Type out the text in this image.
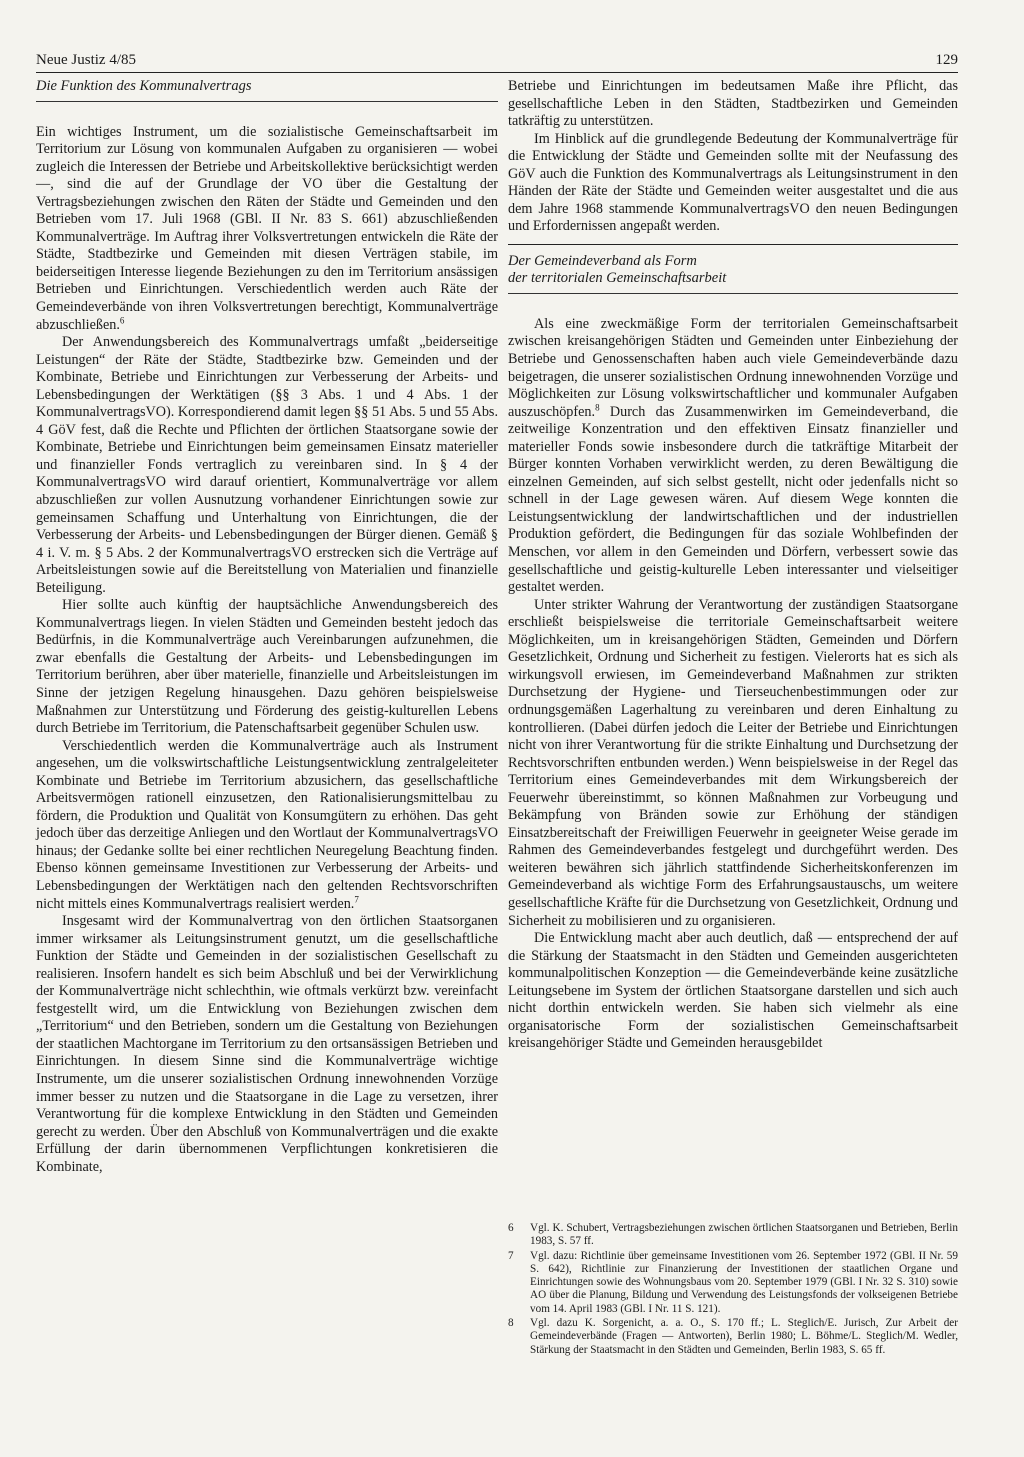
Neue Justiz 4/85	129
Die Funktion des Kommunalvertrags

Ein wichtiges Instrument, um die sozialistische Gemeinschaftsarbeit im Territorium zur Lösung von kommunalen Aufgaben zu organisieren — wobei zugleich die Interessen der Betriebe und Arbeitskollektive berücksichtigt werden —, sind die auf der Grundlage der VO über die Gestaltung der Vertragsbeziehungen zwischen den Räten der Städte und Gemeinden und den Betrieben vom 17. Juli 1968 (GBl. II Nr. 83 S. 661) abzuschließenden Kommunalverträge. Im Auftrag ihrer Volksvertretungen entwickeln die Räte der Städte, Stadtbezirke und Gemeinden mit diesen Verträgen stabile, im beiderseitigen Interesse liegende Beziehungen zu den im Territorium ansässigen Betrieben und Einrichtungen. Verschiedentlich werden auch Räte der Gemeindeverbände von ihren Volksvertretungen berechtigt, Kommunalverträge abzuschließen.$^6$

Der Anwendungsbereich des Kommunalvertrags umfaßt „beiderseitige Leistungen“ der Räte der Städte, Stadtbezirke bzw. Gemeinden und der Kombinate, Betriebe und Einrichtungen zur Verbesserung der Arbeits- und Lebensbedingungen der Werktätigen (§§ 3 Abs. 1 und 4 Abs. 1 der KommunalvertragsVO). Korrespondierend damit legen §§ 51 Abs. 5 und 55 Abs. 4 GöV fest, daß die Rechte und Pflichten der örtlichen Staatsorgane sowie der Kombinate, Betriebe und Einrichtungen beim gemeinsamen Einsatz materieller und finanzieller Fonds vertraglich zu vereinbaren sind. In § 4 der KommunalvertragsVO wird darauf orientiert, Kommunalverträge vor allem abzuschließen zur vollen Ausnutzung vorhandener Einrichtungen sowie zur gemeinsamen Schaffung und Unterhaltung von Einrichtungen, die der Verbesserung der Arbeits- und Lebensbedingungen der Bürger dienen. Gemäß § 4 i. V. m. § 5 Abs. 2 der KommunalvertragsVO erstrecken sich die Verträge auf Arbeitsleistungen sowie auf die Bereitstellung von Materialien und finanzielle Beteiligung.

Hier sollte auch künftig der hauptsächliche Anwendungsbereich des Kommunalvertrags liegen. In vielen Städten und Gemeinden besteht jedoch das Bedürfnis, in die Kommunalverträge auch Vereinbarungen aufzunehmen, die zwar ebenfalls die Gestaltung der Arbeits- und Lebensbedingungen im Territorium berühren, aber über materielle, finanzielle und Arbeitsleistungen im Sinne der jetzigen Regelung hinausgehen. Dazu gehören beispielsweise Maßnahmen zur Unterstützung und Förderung des geistig-kulturellen Lebens durch Betriebe im Territorium, die Patenschaftsarbeit gegenüber Schulen usw.

Verschiedentlich werden die Kommunalverträge auch als Instrument angesehen, um die volkswirtschaftliche Leistungsentwicklung zentralgeleiteter Kombinate und Betriebe im Territorium abzusichern, das gesellschaftliche Arbeitsvermögen rationell einzusetzen, den Rationalisierungsmittelbau zu fördern, die Produktion und Qualität von Konsumgütern zu erhöhen. Das geht jedoch über das derzeitige Anliegen und den Wortlaut der KommunalvertragsVO hinaus; der Gedanke sollte bei einer rechtlichen Neuregelung Beachtung finden. Ebenso können gemeinsame Investitionen zur Verbesserung der Arbeits- und Lebensbedingungen der Werktätigen nach den geltenden Rechtsvorschriften nicht mittels eines Kommunalvertrags realisiert werden.$^7$

Insgesamt wird der Kommunalvertrag von den örtlichen Staatsorganen immer wirksamer als Leitungsinstrument genutzt, um die gesellschaftliche Funktion der Städte und Gemeinden in der sozialistischen Gesellschaft zu realisieren. Insofern handelt es sich beim Abschluß und bei der Verwirklichung der Kommunalverträge nicht schlechthin, wie oftmals verkürzt bzw. vereinfacht festgestellt wird, um die Entwicklung von Beziehungen zwischen dem „Territorium“ und den Betrieben, sondern um die Gestaltung von Beziehungen der staatlichen Machtorgane im Territorium zu den ortsansässigen Betrieben und Einrichtungen. In diesem Sinne sind die Kommunalverträge wichtige Instrumente, um die unserer sozialistischen Ordnung innewohnenden Vorzüge immer besser zu nutzen und die Staatsorgane in die Lage zu versetzen, ihrer Verantwortung für die komplexe Entwicklung in den Städten und Gemeinden gerecht zu werden. Über den Abschluß von Kommunalverträgen und die exakte Erfüllung der darin übernommenen Verpflichtungen konkretisieren die Kombinate,

Betriebe und Einrichtungen im bedeutsamen Maße ihre Pflicht, das gesellschaftliche Leben in den Städten, Stadtbezirken und Gemeinden tatkräftig zu unterstützen.

Im Hinblick auf die grundlegende Bedeutung der Kommunalverträge für die Entwicklung der Städte und Gemeinden sollte mit der Neufassung des GöV auch die Funktion des Kommunalvertrags als Leitungsinstrument in den Händen der Räte der Städte und Gemeinden weiter ausgestaltet und die aus dem Jahre 1968 stammende KommunalvertragsVO den neuen Bedingungen und Erfordernissen angepaßt werden.

Der Gemeindeverband als Form
der territorialen Gemeinschaftsarbeit

Als eine zweckmäßige Form der territorialen Gemeinschaftsarbeit zwischen kreisangehörigen Städten und Gemeinden unter Einbeziehung der Betriebe und Genossenschaften haben auch viele Gemeindeverbände dazu beigetragen, die unserer sozialistischen Ordnung innewohnenden Vorzüge und Möglichkeiten zur Lösung volkswirtschaftlicher und kommunaler Aufgaben auszuschöpfen.$^8$ Durch das Zusammenwirken im Gemeindeverband, die zeitweilige Konzentration und den effektiven Einsatz finanzieller und materieller Fonds sowie insbesondere durch die tatkräftige Mitarbeit der Bürger konnten Vorhaben verwirklicht werden, zu deren Bewältigung die einzelnen Gemeinden, auf sich selbst gestellt, nicht oder jedenfalls nicht so schnell in der Lage gewesen wären. Auf diesem Wege konnten die Leistungsentwicklung der landwirtschaftlichen und der industriellen Produktion gefördert, die Bedingungen für das soziale Wohlbefinden der Menschen, vor allem in den Gemeinden und Dörfern, verbessert sowie das gesellschaftliche und geistig-kulturelle Leben interessanter und vielseitiger gestaltet werden.

Unter strikter Wahrung der Verantwortung der zuständigen Staatsorgane erschließt beispielsweise die territoriale Gemeinschaftsarbeit weitere Möglichkeiten, um in kreisangehörigen Städten, Gemeinden und Dörfern Gesetzlichkeit, Ordnung und Sicherheit zu festigen. Vielerorts hat es sich als wirkungsvoll erwiesen, im Gemeindeverband Maßnahmen zur strikten Durchsetzung der Hygiene- und Tierseuchenbestimmungen oder zur ordnungsgemäßen Lagerhaltung zu vereinbaren und deren Einhaltung zu kontrollieren. (Dabei dürfen jedoch die Leiter der Betriebe und Einrichtungen nicht von ihrer Verantwortung für die strikte Einhaltung und Durchsetzung der Rechtsvorschriften entbunden werden.) Wenn beispielsweise in der Regel das Territorium eines Gemeindeverbandes mit dem Wirkungsbereich der Feuerwehr übereinstimmt, so können Maßnahmen zur Vorbeugung und Bekämpfung von Bränden sowie zur Erhöhung der ständigen Einsatzbereitschaft der Freiwilligen Feuerwehr in geeigneter Weise gerade im Rahmen des Gemeindeverbandes festgelegt und durchgeführt werden. Des weiteren bewähren sich jährlich stattfindende Sicherheitskonferenzen im Gemeindeverband als wichtige Form des Erfahrungsaustauschs, um weitere gesellschaftliche Kräfte für die Durchsetzung von Gesetzlichkeit, Ordnung und Sicherheit zu mobilisieren und zu organisieren.

Die Entwicklung macht aber auch deutlich, daß — entsprechend der auf die Stärkung der Staatsmacht in den Städten und Gemeinden ausgerichteten kommunalpolitischen Konzeption — die Gemeindeverbände keine zusätzliche Leitungsebene im System der örtlichen Staatsorgane darstellen und sich auch nicht dorthin entwickeln werden. Sie haben sich vielmehr als eine organisatorische Form der sozialistischen Gemeinschaftsarbeit kreisangehöriger Städte und Gemeinden herausgebildet

6 Vgl. K. Schubert, Vertragsbeziehungen zwischen örtlichen Staatsorganen und Betrieben, Berlin 1983, S. 57 ff.
7 Vgl. dazu: Richtlinie über gemeinsame Investitionen vom 26. September 1972 (GBl. II Nr. 59 S. 642), Richtlinie zur Finanzierung der Investitionen der staatlichen Organe und Einrichtungen sowie des Wohnungsbaus vom 20. September 1979 (GBl. I Nr. 32 S. 310) sowie AO über die Planung, Bildung und Verwendung des Leistungsfonds der volkseigenen Betriebe vom 14. April 1983 (GBl. I Nr. 11 S. 121).
8 Vgl. dazu K. Sorgenicht, a. a. O., S. 170 ff.; L. Steglich/E. Jurisch, Zur Arbeit der Gemeindeverbände (Fragen — Antworten), Berlin 1980; L. Böhme/L. Steglich/M. Wedler, Stärkung der Staatsmacht in den Städten und Gemeinden, Berlin 1983, S. 65 ff.
